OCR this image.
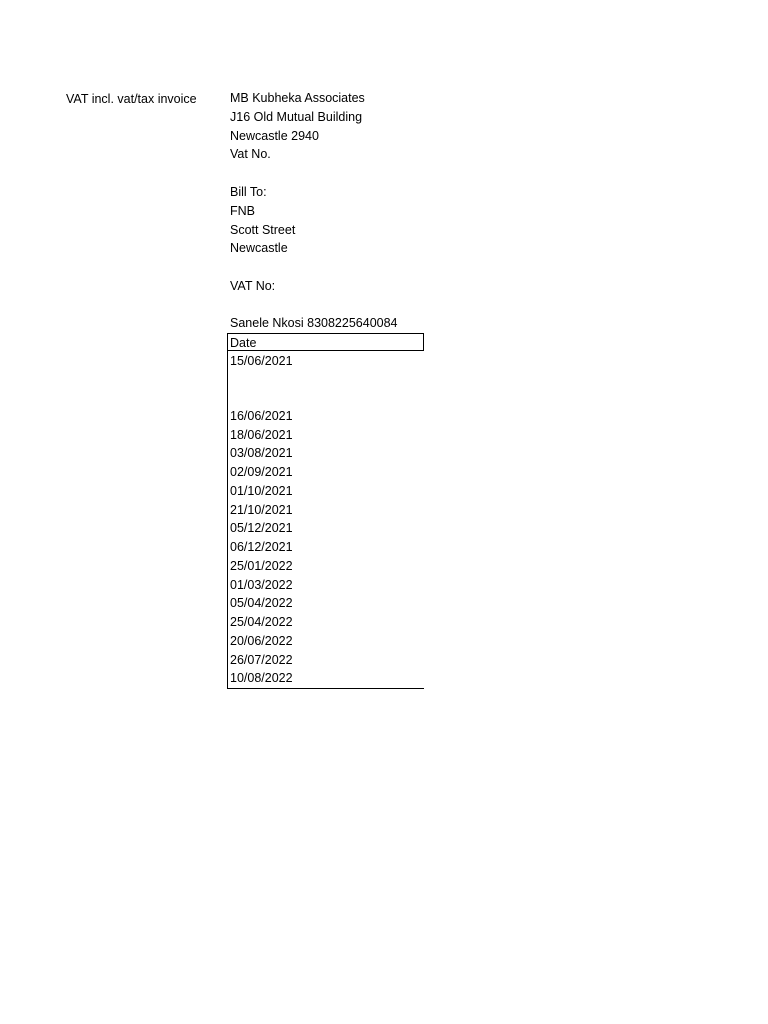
VAT incl. vat/tax invoice	MB Kubheka Associates
J16 Old Mutual Building
Newcastle 2940
Vat No.
Bill To:
FNB
Scott Street
Newcastle
VAT No:
Sanele Nkosi 8308225640084
Date
15/06/2021
16/06/2021
18/06/2021
03/08/2021
02/09/2021
01/10/2021
21/10/2021
05/12/2021
06/12/2021
25/01/2022
01/03/2022
05/04/2022
25/04/2022
20/06/2022
26/07/2022
10/08/2022
